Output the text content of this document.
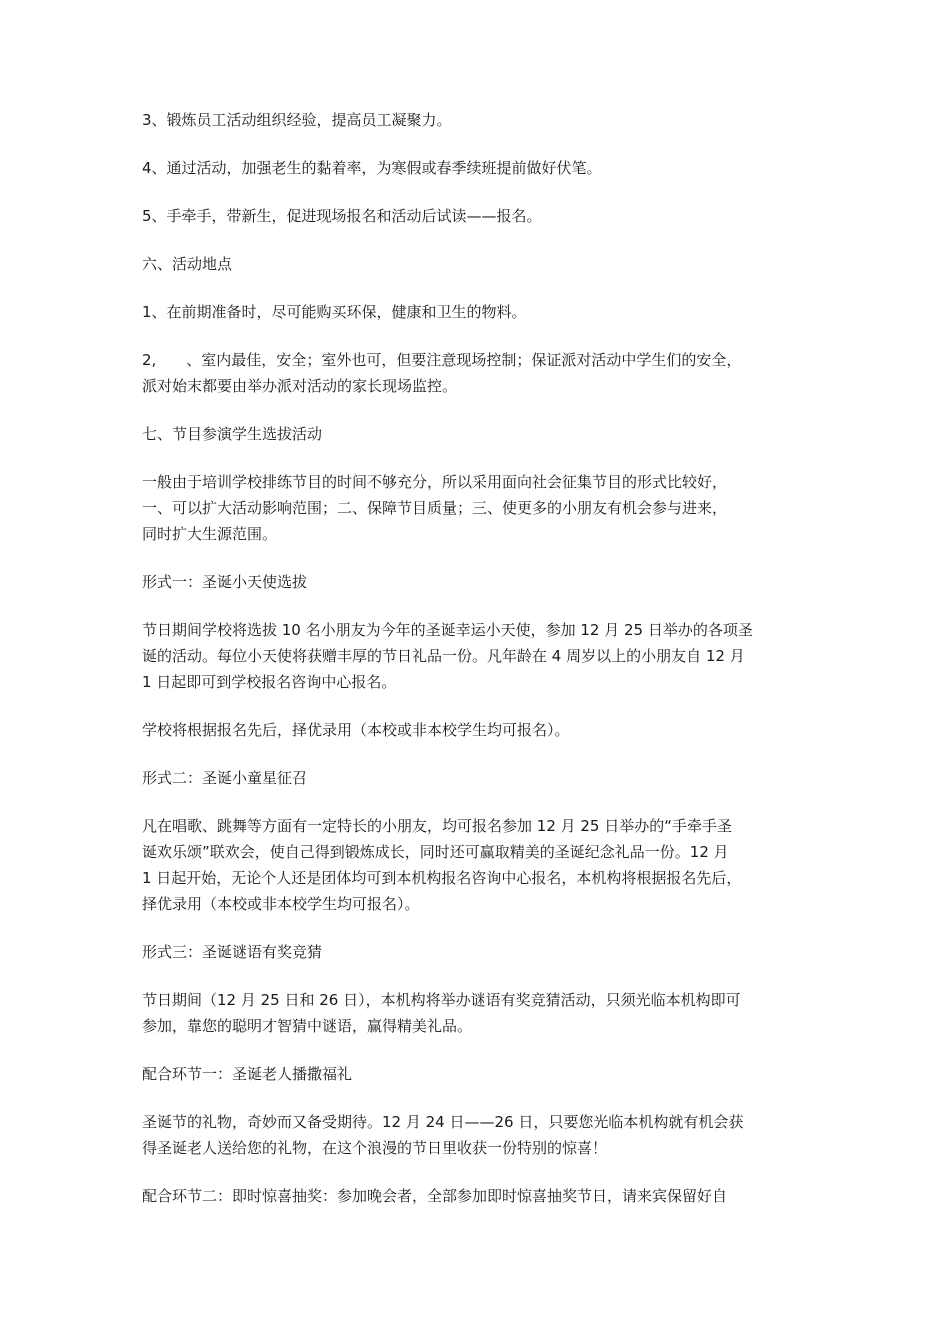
3、锻炼员工活动组织经验，提高员工凝聚力。
4、通过活动，加强老生的黏着率，为寒假或春季续班提前做好伏笔。
5、手牵手，带新生，促进现场报名和活动后试读——报名。
六、活动地点
1、在前期准备时，尽可能购买环保，健康和卫生的物料。
2,　　、室内最佳，安全；室外也可，但要注意现场控制；保证派对活动中学生们的安全，
派对始末都要由举办派对活动的家长现场监控。
七、节目参演学生选拔活动
一般由于培训学校排练节目的时间不够充分，所以采用面向社会征集节目的形式比较好，
一、可以扩大活动影响范围；二、保障节目质量；三、使更多的小朋友有机会参与进来，
同时扩大生源范围。
形式一：圣诞小天使选拔
节日期间学校将选拔 10 名小朋友为今年的圣诞幸运小天使，参加 12 月 25 日举办的各项圣
诞的活动。每位小天使将获赠丰厚的节日礼品一份。凡年龄在 4 周岁以上的小朋友自 12 月
1 日起即可到学校报名咨询中心报名。
学校将根据报名先后，择优录用（本校或非本校学生均可报名）。
形式二：圣诞小童星征召
凡在唱歌、跳舞等方面有一定特长的小朋友，均可报名参加 12 月 25 日举办的“手牵手圣
诞欢乐颂”联欢会，使自己得到锻炼成长，同时还可赢取精美的圣诞纪念礼品一份。12 月
1 日起开始，无论个人还是团体均可到本机构报名咨询中心报名，本机构将根据报名先后，
择优录用（本校或非本校学生均可报名）。
形式三：圣诞谜语有奖竞猜
节日期间（12 月 25 日和 26 日），本机构将举办谜语有奖竞猜活动，只须光临本机构即可
参加，靠您的聪明才智猜中谜语，赢得精美礼品。
配合环节一：圣诞老人播撒福礼
圣诞节的礼物，奇妙而又备受期待。12 月 24 日——26 日，只要您光临本机构就有机会获
得圣诞老人送给您的礼物，在这个浪漫的节日里收获一份特别的惊喜！
配合环节二：即时惊喜抽奖：参加晚会者，全部参加即时惊喜抽奖节日，请来宾保留好自
